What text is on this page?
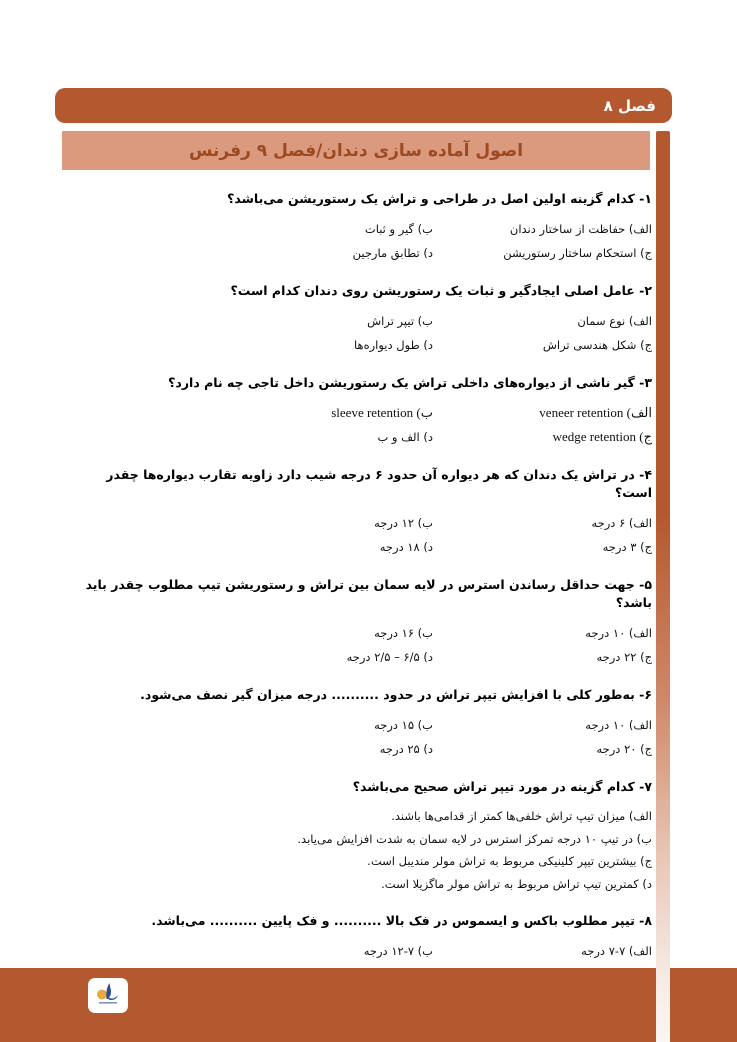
فصل ۸
اصول آماده سازی دندان/فصل ۹ رفرنس
۱- کدام گزینه اولین اصل در طراحی و تراش یک رستوریشن می‌باشد؟
الف) حفاظت از ساختار دندان
ب) گیر و ثبات
ج) استحکام ساختار رستوریشن
د) تطابق مارجین
۲- عامل اصلی ایجادگیر و ثبات یک رستوریشن روی دندان کدام است؟
الف) نوع سمان
ب) تیپر تراش
ج) شکل هندسی تراش
د) طول دیواره‌ها
۳- گیر ناشی از دیواره‌های داخلی تراش یک رستوریشن داخل تاجی چه نام دارد؟
الف) veneer retention
ب) sleeve retention
ج) wedge retention
د) الف و ب
۴- در تراش یک دندان که هر دیواره آن حدود ۶ درجه شیب دارد زاویه تقارب دیواره‌ها چقدر است؟
الف) ۶ درجه
ب) ۱۲ درجه
ج) ۳ درجه
د) ۱۸ درجه
۵- جهت حداقل رساندن استرس در لایه سمان بین تراش و رستوریشن تیپ مطلوب چقدر باید باشد؟
الف) ۱۰ درجه
ب) ۱۶ درجه
ج) ۲۲ درجه
د) ۶/۵ – ۲/۵ درجه
۶- به‌طور کلی با افزایش تیپر تراش در حدود .......... درجه میزان گیر نصف می‌شود.
الف) ۱۰ درجه
ب) ۱۵ درجه
ج) ۲۰ درجه
د) ۲۵ درجه
۷- کدام گزینه در مورد تیپر تراش صحیح می‌باشد؟
الف) میزان تیپ تراش خلفی‌ها کمتر از قدامی‌ها باشند.
ب) در تیپ ۱۰ درجه تمرکز استرس در لایه سمان به شدت افزایش می‌یابد.
ج) بیشترین تیپر کلینیکی مربوط به تراش مولر مندیبل است.
د) کمترین تیپ تراش مربوط به تراش مولر ماگزیلا است.
۸- تیپر مطلوب باکس و ایسموس در فک بالا .......... و فک پایین .......... می‌باشد.
الف) ۷-۷ درجه
ب) ۷-۱۲ درجه
